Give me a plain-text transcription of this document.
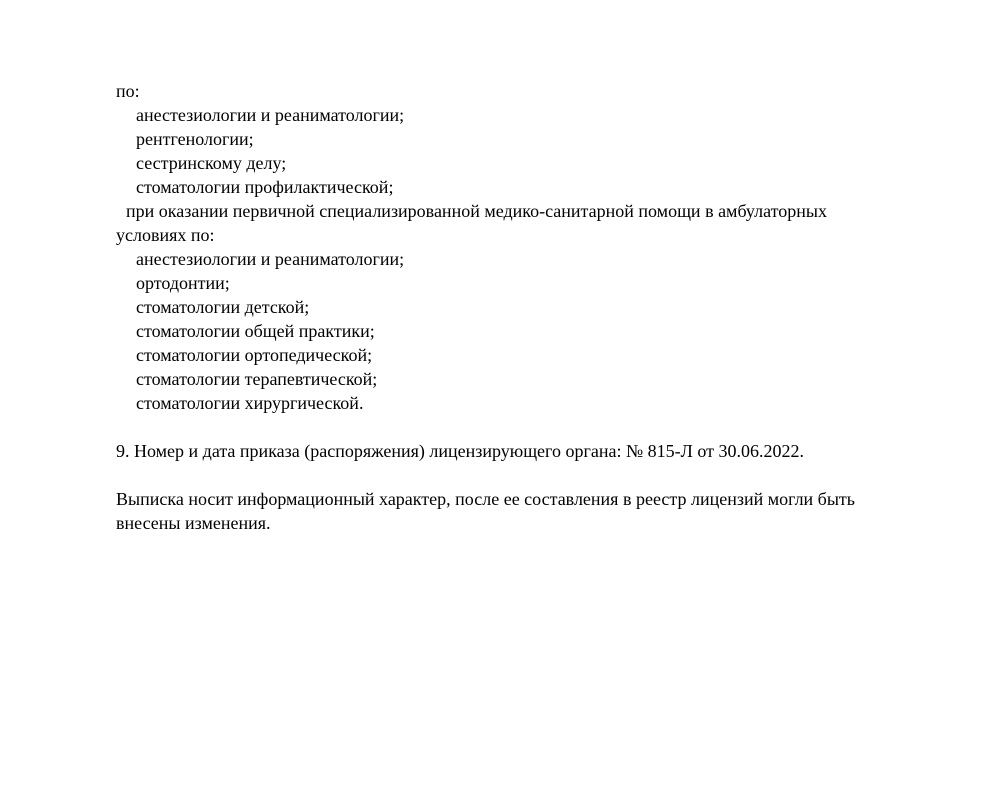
по:
анестезиологии и реаниматологии;
рентгенологии;
сестринскому делу;
стоматологии профилактической;
при оказании первичной специализированной медико-санитарной помощи в амбулаторных
условиях по:
анестезиологии и реаниматологии;
ортодонтии;
стоматологии детской;
стоматологии общей практики;
стоматологии ортопедической;
стоматологии терапевтической;
стоматологии хирургической.
9. Номер и дата приказа (распоряжения) лицензирующего органа: № 815-Л от 30.06.2022.
Выписка носит информационный характер, после ее составления в реестр лицензий могли быть
внесены изменения.
